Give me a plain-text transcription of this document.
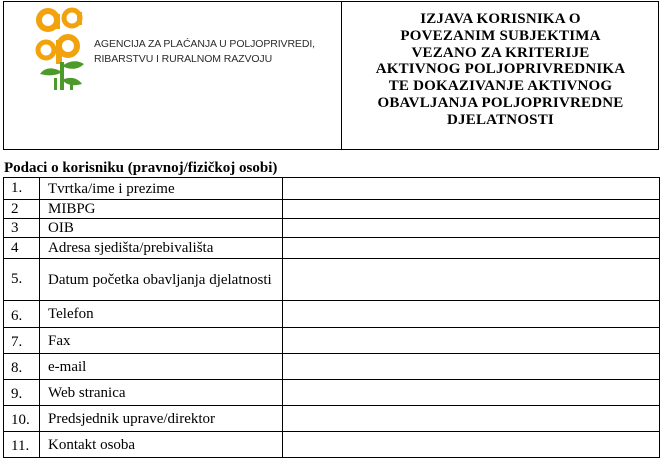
AGENCIJA ZA PLAĆANJA U POLJOPRIVREDI,
RIBARSTVU I RURALNOM RAZVOJU
IZJAVA KORISNIKA O
POVEZANIM SUBJEKTIMA
VEZANO ZA KRITERIJE
AKTIVNOG POLJOPRIVREDNIKA
TE DOKAZIVANJE AKTIVNOG
OBAVLJANJA POLJOPRIVREDNE
DJELATNOSTI
Podaci o korisniku (pravnoj/fizičkoj osobi)
1.	Tvrtka/ime i prezime	

2	MIBPG	

3	OIB	

4	Adresa sjedišta/prebivališta	

5.	Datum početka obavljanja djelatnosti	

6.	Telefon	

7.	Fax	

8.	e-mail	

9.	Web stranica	

10.	Predsjednik uprave/direktor	

11.	Kontakt osoba	
